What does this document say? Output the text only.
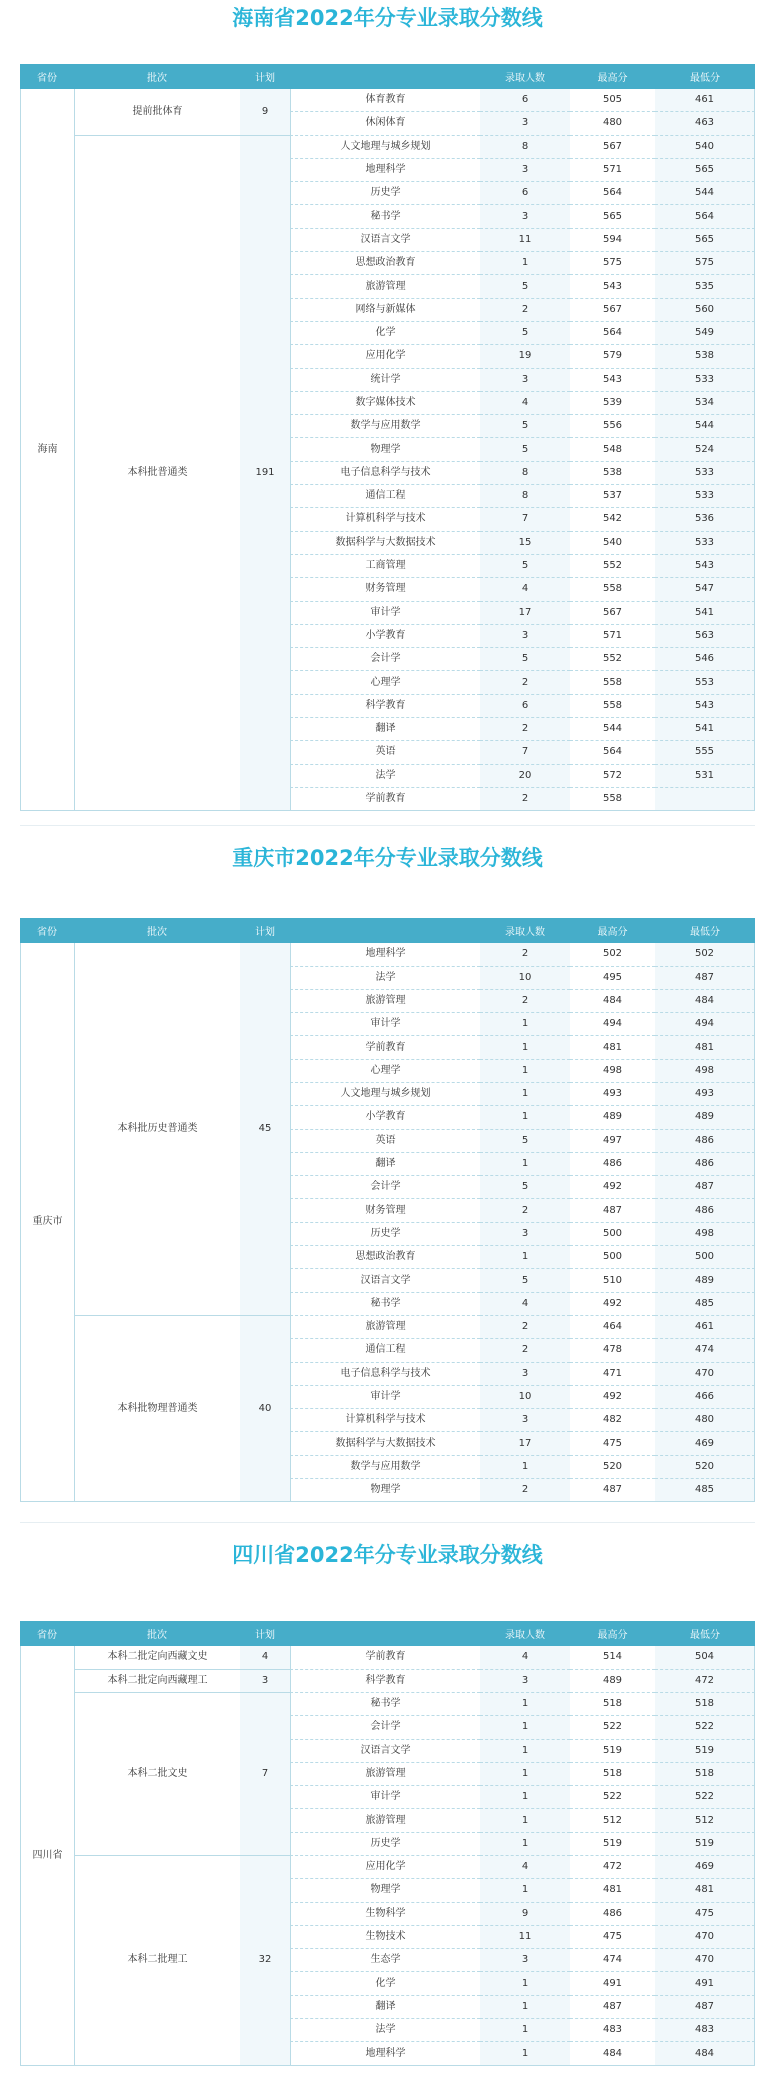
海南省2022年分专业录取分数线
省份	批次	计划		录取人数	最高分	最低分
海南	提前批体育	9	体育教育	6	505	461
			休闲体育	3	480	463
	本科批普通类	191	人文地理与城乡规划	8	567	540
			地理科学	3	571	565
			历史学	6	564	544
			秘书学	3	565	564
			汉语言文学	11	594	565
			思想政治教育	1	575	575
			旅游管理	5	543	535
			网络与新媒体	2	567	560
			化学	5	564	549
			应用化学	19	579	538
			统计学	3	543	533
			数字媒体技术	4	539	534
			数学与应用数学	5	556	544
			物理学	5	548	524
			电子信息科学与技术	8	538	533
			通信工程	8	537	533
			计算机科学与技术	7	542	536
			数据科学与大数据技术	15	540	533
			工商管理	5	552	543
			财务管理	4	558	547
			审计学	17	567	541
			小学教育	3	571	563
			会计学	5	552	546
			心理学	2	558	553
			科学教育	6	558	543
			翻译	2	544	541
			英语	7	564	555
			法学	20	572	531
			学前教育	2	558	
重庆市2022年分专业录取分数线
省份	批次	计划		录取人数	最高分	最低分
重庆市	本科批历史普通类	45	地理科学	2	502	502
			法学	10	495	487
			旅游管理	2	484	484
			审计学	1	494	494
			学前教育	1	481	481
			心理学	1	498	498
			人文地理与城乡规划	1	493	493
			小学教育	1	489	489
			英语	5	497	486
			翻译	1	486	486
			会计学	5	492	487
			财务管理	2	487	486
			历史学	3	500	498
			思想政治教育	1	500	500
			汉语言文学	5	510	489
			秘书学	4	492	485
	本科批物理普通类	40	旅游管理	2	464	461
			通信工程	2	478	474
			电子信息科学与技术	3	471	470
			审计学	10	492	466
			计算机科学与技术	3	482	480
			数据科学与大数据技术	17	475	469
			数学与应用数学	1	520	520
			物理学	2	487	485
四川省2022年分专业录取分数线
省份	批次	计划		录取人数	最高分	最低分
四川省	本科二批定向西藏文史	4	学前教育	4	514	504
	本科二批定向西藏理工	3	科学教育	3	489	472
	本科二批文史	7	秘书学	1	518	518
			会计学	1	522	522
			汉语言文学	1	519	519
			旅游管理	1	518	518
			审计学	1	522	522
			旅游管理	1	512	512
			历史学	1	519	519
	本科二批理工	32	应用化学	4	472	469
			物理学	1	481	481
			生物科学	9	486	475
			生物技术	11	475	470
			生态学	3	474	470
			化学	1	491	491
			翻译	1	487	487
			法学	1	483	483
			地理科学	1	484	484
